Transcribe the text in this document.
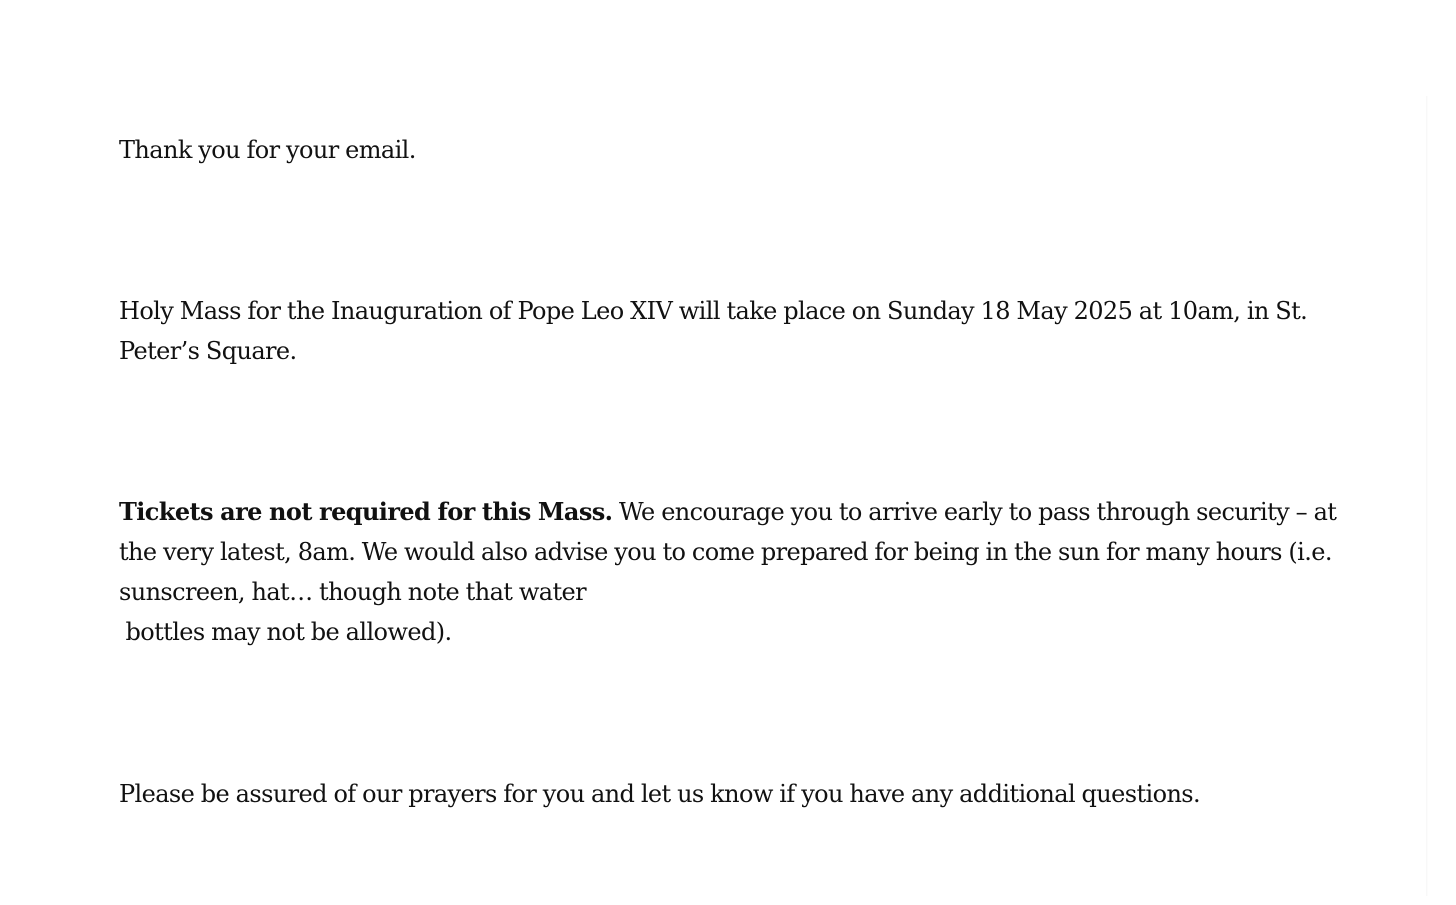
Thank you for your email.

Holy Mass for the Inauguration of Pope Leo XIV will take place on Sunday 18 May 2025 at 10am, in St.
Peter’s Square.

Tickets are not required for this Mass. We encourage you to arrive early to pass through security – at
the very latest, 8am. We would also advise you to come prepared for being in the sun for many hours (i.e.
sunscreen, hat… though note that water
bottles may not be allowed).

Please be assured of our prayers for you and let us know if you have any additional questions.
